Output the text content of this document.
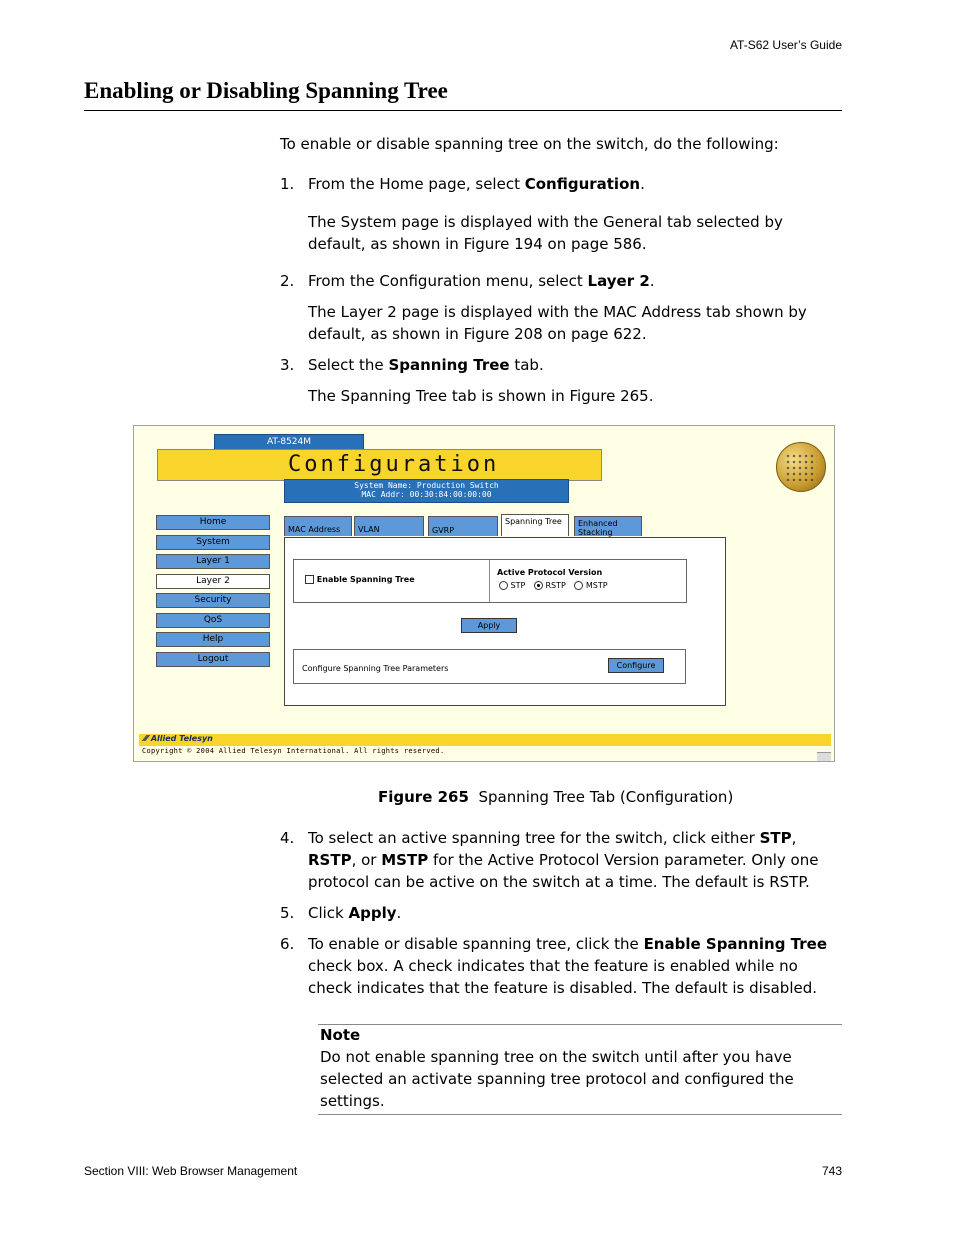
AT-S62 User’s Guide
Enabling or Disabling Spanning Tree
To enable or disable spanning tree on the switch, do the following:
1. From the Home page, select Configuration.
The System page is displayed with the General tab selected by default, as shown in Figure 194 on page 586.
2. From the Configuration menu, select Layer 2.
The Layer 2 page is displayed with the MAC Address tab shown by default, as shown in Figure 208 on page 622.
3. Select the Spanning Tree tab.
The Spanning Tree tab is shown in Figure 265.
AT-8524M
Configuration
System Name: Production Switch
MAC Addr: 00:30:84:00:00:00
Home
System
Layer 1
Layer 2
Security
QoS
Help
Logout
MAC Address	VLAN	GVRP
Spanning Tree	Enhanced Stacking
Enable Spanning Tree
Active Protocol Version
STP	RSTP	MSTP
Apply
Configure Spanning Tree Parameters	Configure
⁄⁄⁄ Allied Telesyn
Copyright © 2004 Allied Telesyn International. All rights reserved.
Figure 265 Spanning Tree Tab (Configuration)
4. To select an active spanning tree for the switch, click either STP, RSTP, or MSTP for the Active Protocol Version parameter. Only one protocol can be active on the switch at a time. The default is RSTP.
5. Click Apply.
6. To enable or disable spanning tree, click the Enable Spanning Tree check box. A check indicates that the feature is enabled while no check indicates that the feature is disabled. The default is disabled.
Note
Do not enable spanning tree on the switch until after you have selected an activate spanning tree protocol and configured the settings.
Section VIII: Web Browser Management	743
